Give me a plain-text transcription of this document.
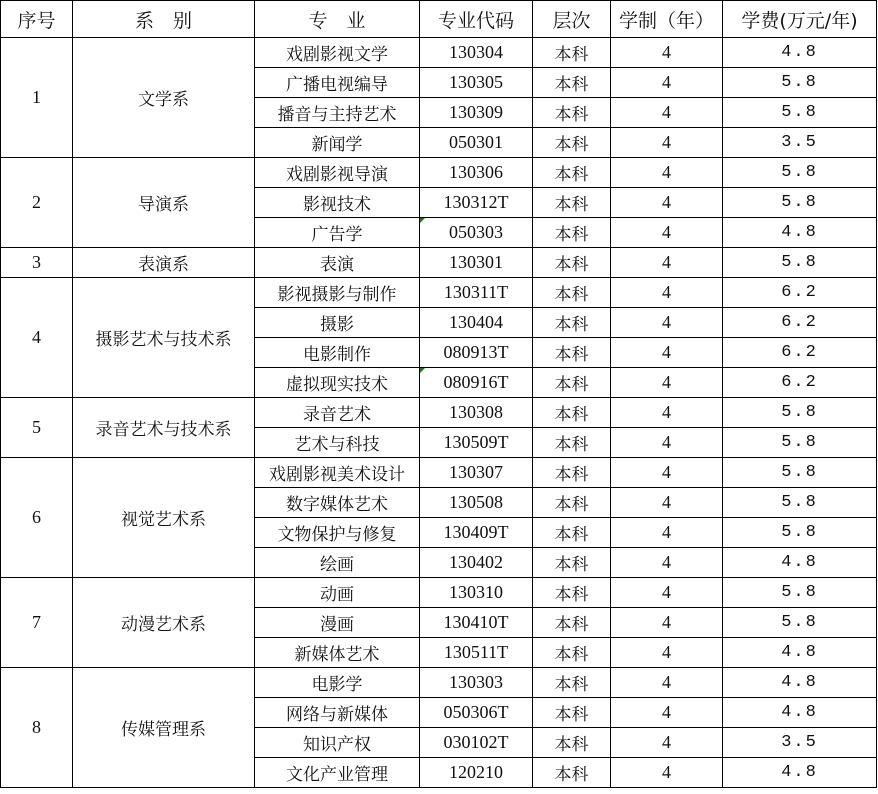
序号	系　别	专　业	专业代码	层次	学制（年）	学费(万元/年)
1	文学系	戏剧影视文学	130304	本科	4	4.8
		广播电视编导	130305	本科	4	5.8
		播音与主持艺术	130309	本科	4	5.8
		新闻学	050301	本科	4	3.5
2	导演系	戏剧影视导演	130306	本科	4	5.8
		影视技术	130312T	本科	4	5.8
		广告学	050303	本科	4	4.8
3	表演系	表演	130301	本科	4	5.8
4	摄影艺术与技术系	影视摄影与制作	130311T	本科	4	6.2
		摄影	130404	本科	4	6.2
		电影制作	080913T	本科	4	6.2
		虚拟现实技术	080916T	本科	4	6.2
5	录音艺术与技术系	录音艺术	130308	本科	4	5.8
		艺术与科技	130509T	本科	4	5.8
6	视觉艺术系	戏剧影视美术设计	130307	本科	4	5.8
		数字媒体艺术	130508	本科	4	5.8
		文物保护与修复	130409T	本科	4	5.8
		绘画	130402	本科	4	4.8
7	动漫艺术系	动画	130310	本科	4	5.8
		漫画	130410T	本科	4	5.8
		新媒体艺术	130511T	本科	4	4.8
8	传媒管理系	电影学	130303	本科	4	4.8
		网络与新媒体	050306T	本科	4	4.8
		知识产权	030102T	本科	4	3.5
		文化产业管理	120210	本科	4	4.8
